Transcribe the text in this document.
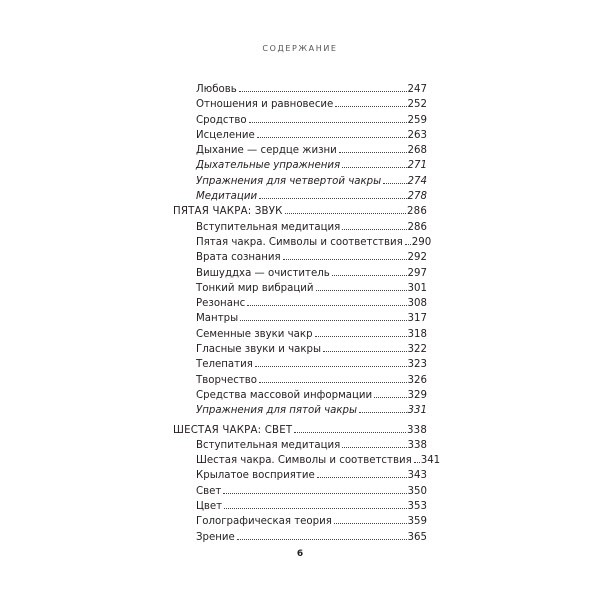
СОДЕРЖАНИЕ
Любовь	247
Отношения и равновесие	252
Сродство	259
Исцеление	263
Дыхание — сердце жизни	268
Дыхательные упражнения	271
Упражнения для четвертой чакры	274
Медитации	278
ПЯТАЯ ЧАКРА: ЗВУК	286
Вступительная медитация	286
Пятая чакра. Символы и соответствия 290
Врата сознания	292
Вишуддха — очиститель	297
Тонкий мир вибраций	301
Резонанс	308
Мантры	317
Семенные звуки чакр	318
Гласные звуки и чакры	322
Телепатия	323
Творчество	326
Средства массовой информации	329
Упражнения для пятой чакры	331
ШЕСТАЯ ЧАКРА: СВЕТ	338
Вступительная медитация	338
Шестая чакра. Символы и соответствия 341
Крылатое восприятие	343
Свет	350
Цвет	353
Голографическая теория	359
Зрение	365
6
